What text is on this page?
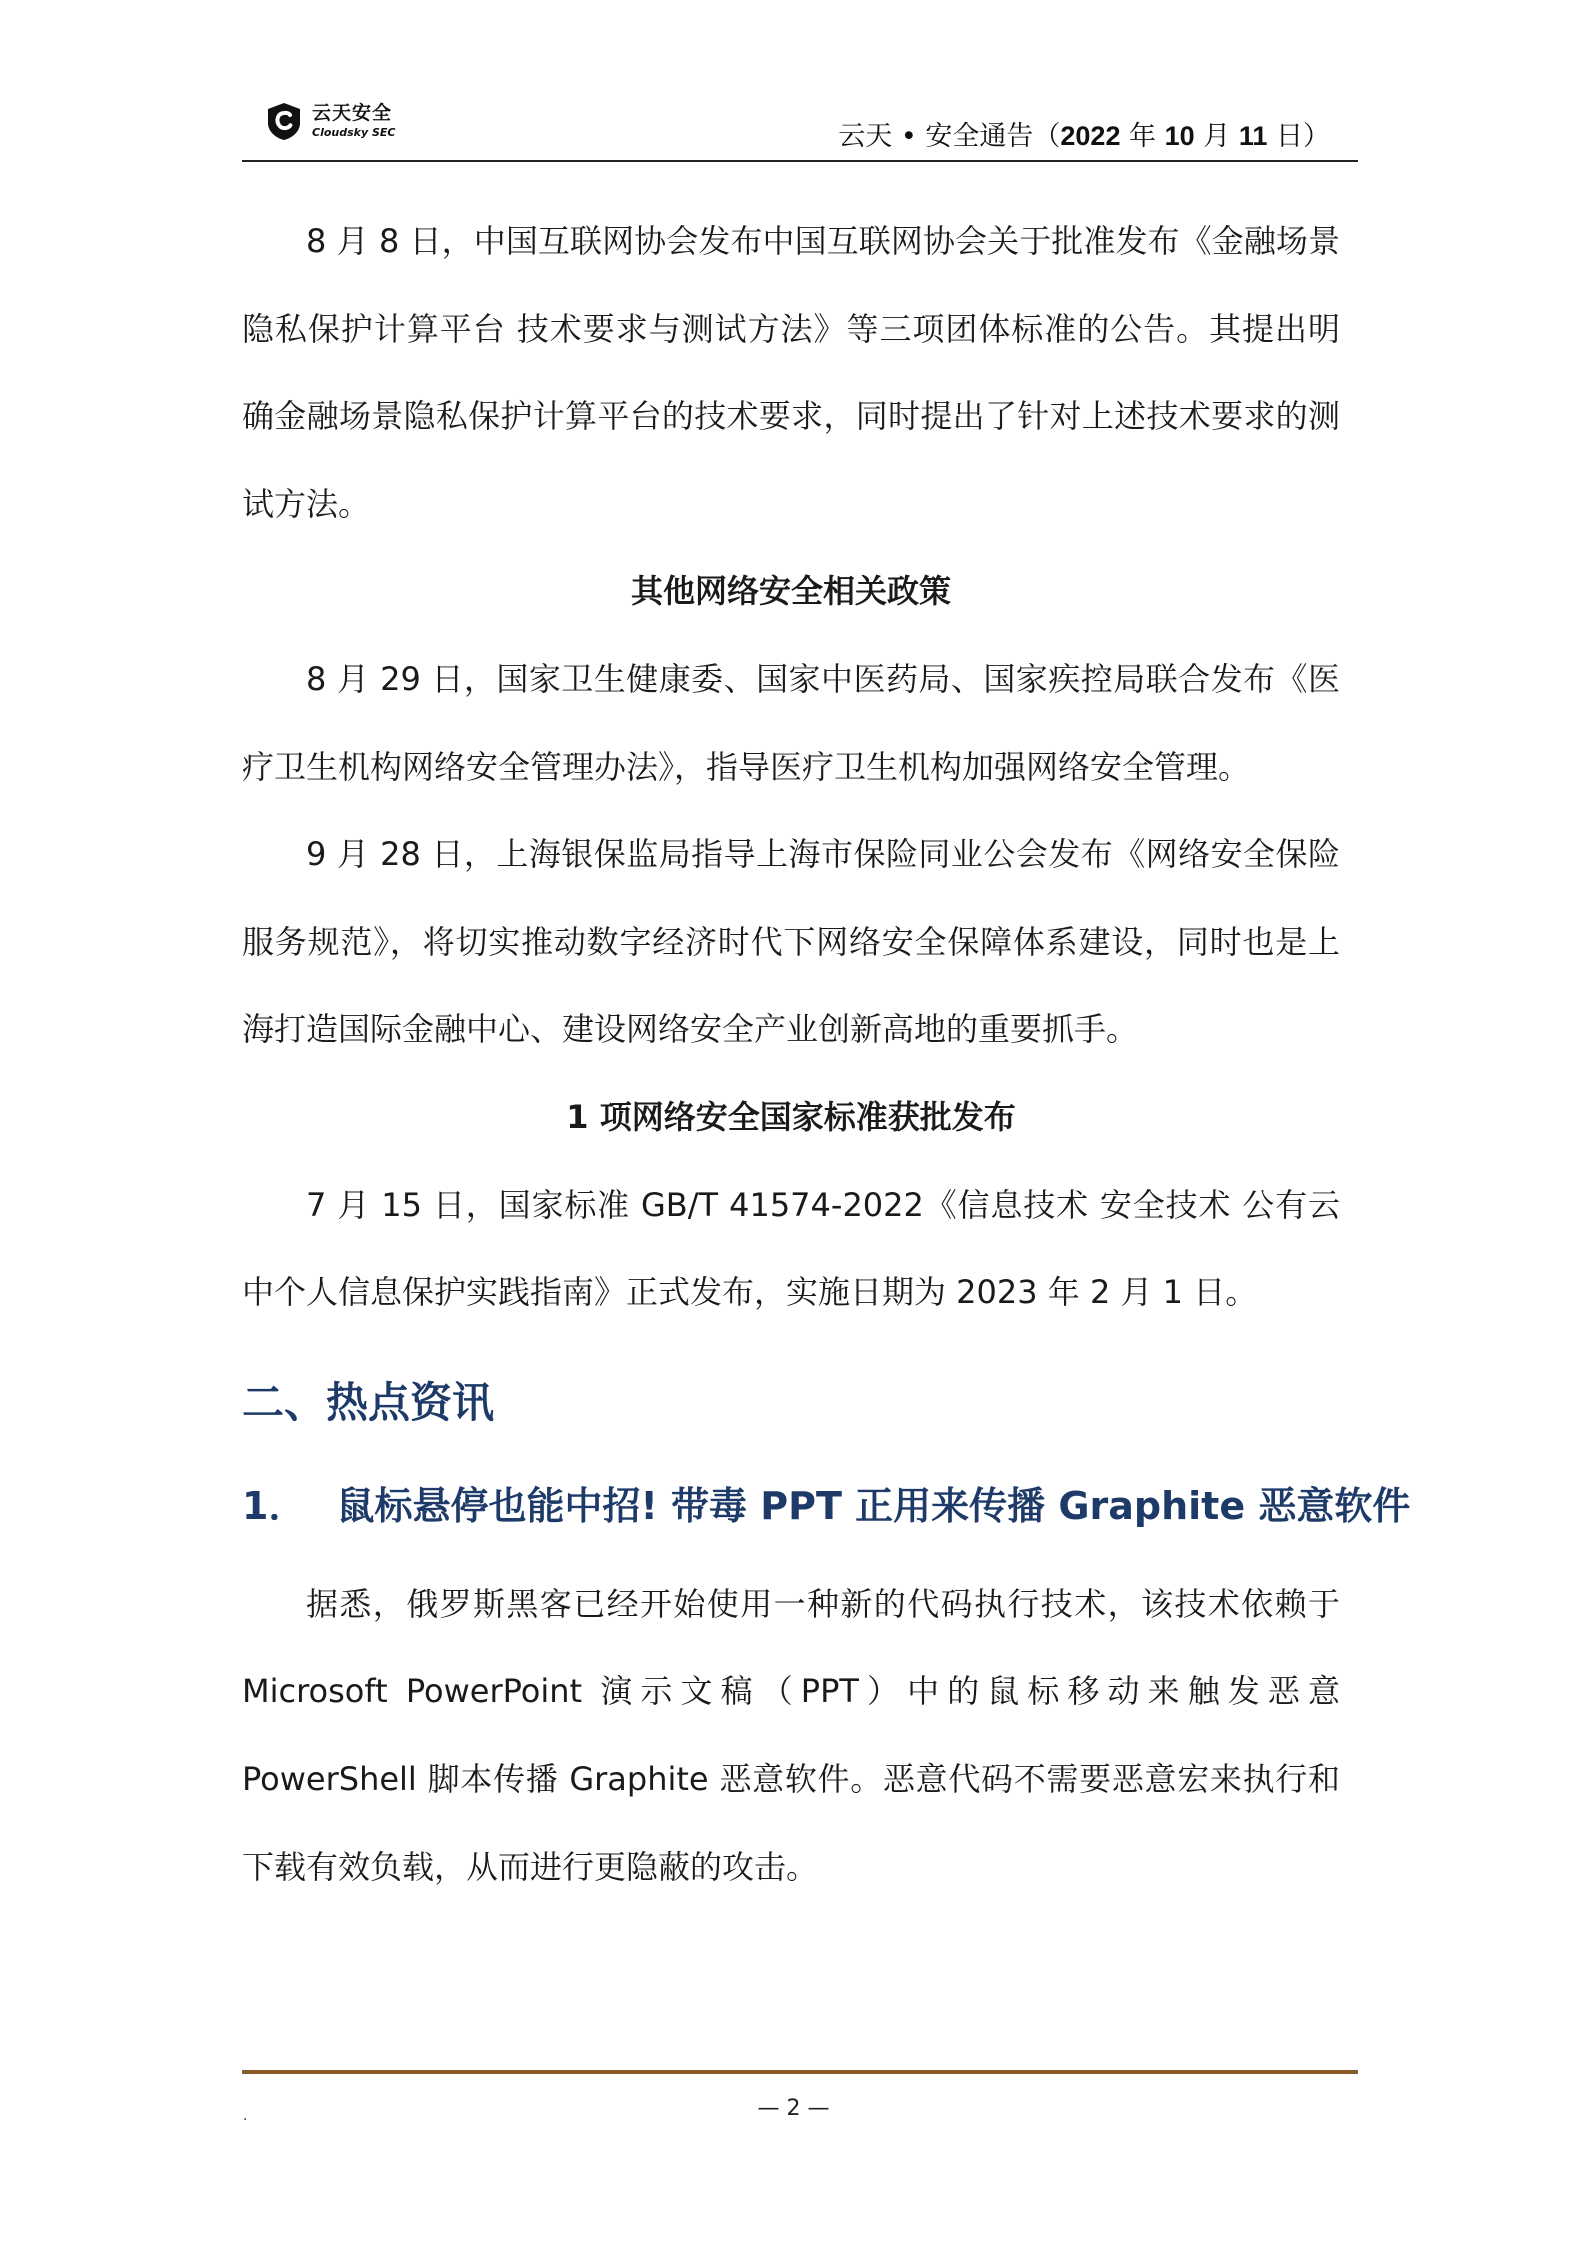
云天安全
Cloudsky SEC	云天 • 安全通告（2022 年 10 月 11 日）

8 月 8 日，中国互联网协会发布中国互联网协会关于批准发布《金融场景隐私保护计算平台 技术要求与测试方法》等三项团体标准的公告。其提出明确金融场景隐私保护计算平台的技术要求，同时提出了针对上述技术要求的测试方法。

其他网络安全相关政策

8 月 29 日，国家卫生健康委、国家中医药局、国家疾控局联合发布《医疗卫生机构网络安全管理办法》，指导医疗卫生机构加强网络安全管理。

9 月 28 日，上海银保监局指导上海市保险同业公会发布《网络安全保险服务规范》，将切实推动数字经济时代下网络安全保障体系建设，同时也是上海打造国际金融中心、建设网络安全产业创新高地的重要抓手。

1 项网络安全国家标准获批发布

7 月 15 日，国家标准 GB/T 41574-2022《信息技术 安全技术 公有云中个人信息保护实践指南》正式发布，实施日期为 2023 年 2 月 1 日。

二、热点资讯
1． 鼠标悬停也能中招! 带毒 PPT 正用来传播 Graphite 恶意软件

据悉，俄罗斯黑客已经开始使用一种新的代码执行技术，该技术依赖于 Microsoft PowerPoint 演示文稿（PPT）中的鼠标移动来触发恶意 PowerShell 脚本传播 Graphite 恶意软件。恶意代码不需要恶意宏来执行和下载有效负载，从而进行更隐蔽的攻击。

.	— 2 —
